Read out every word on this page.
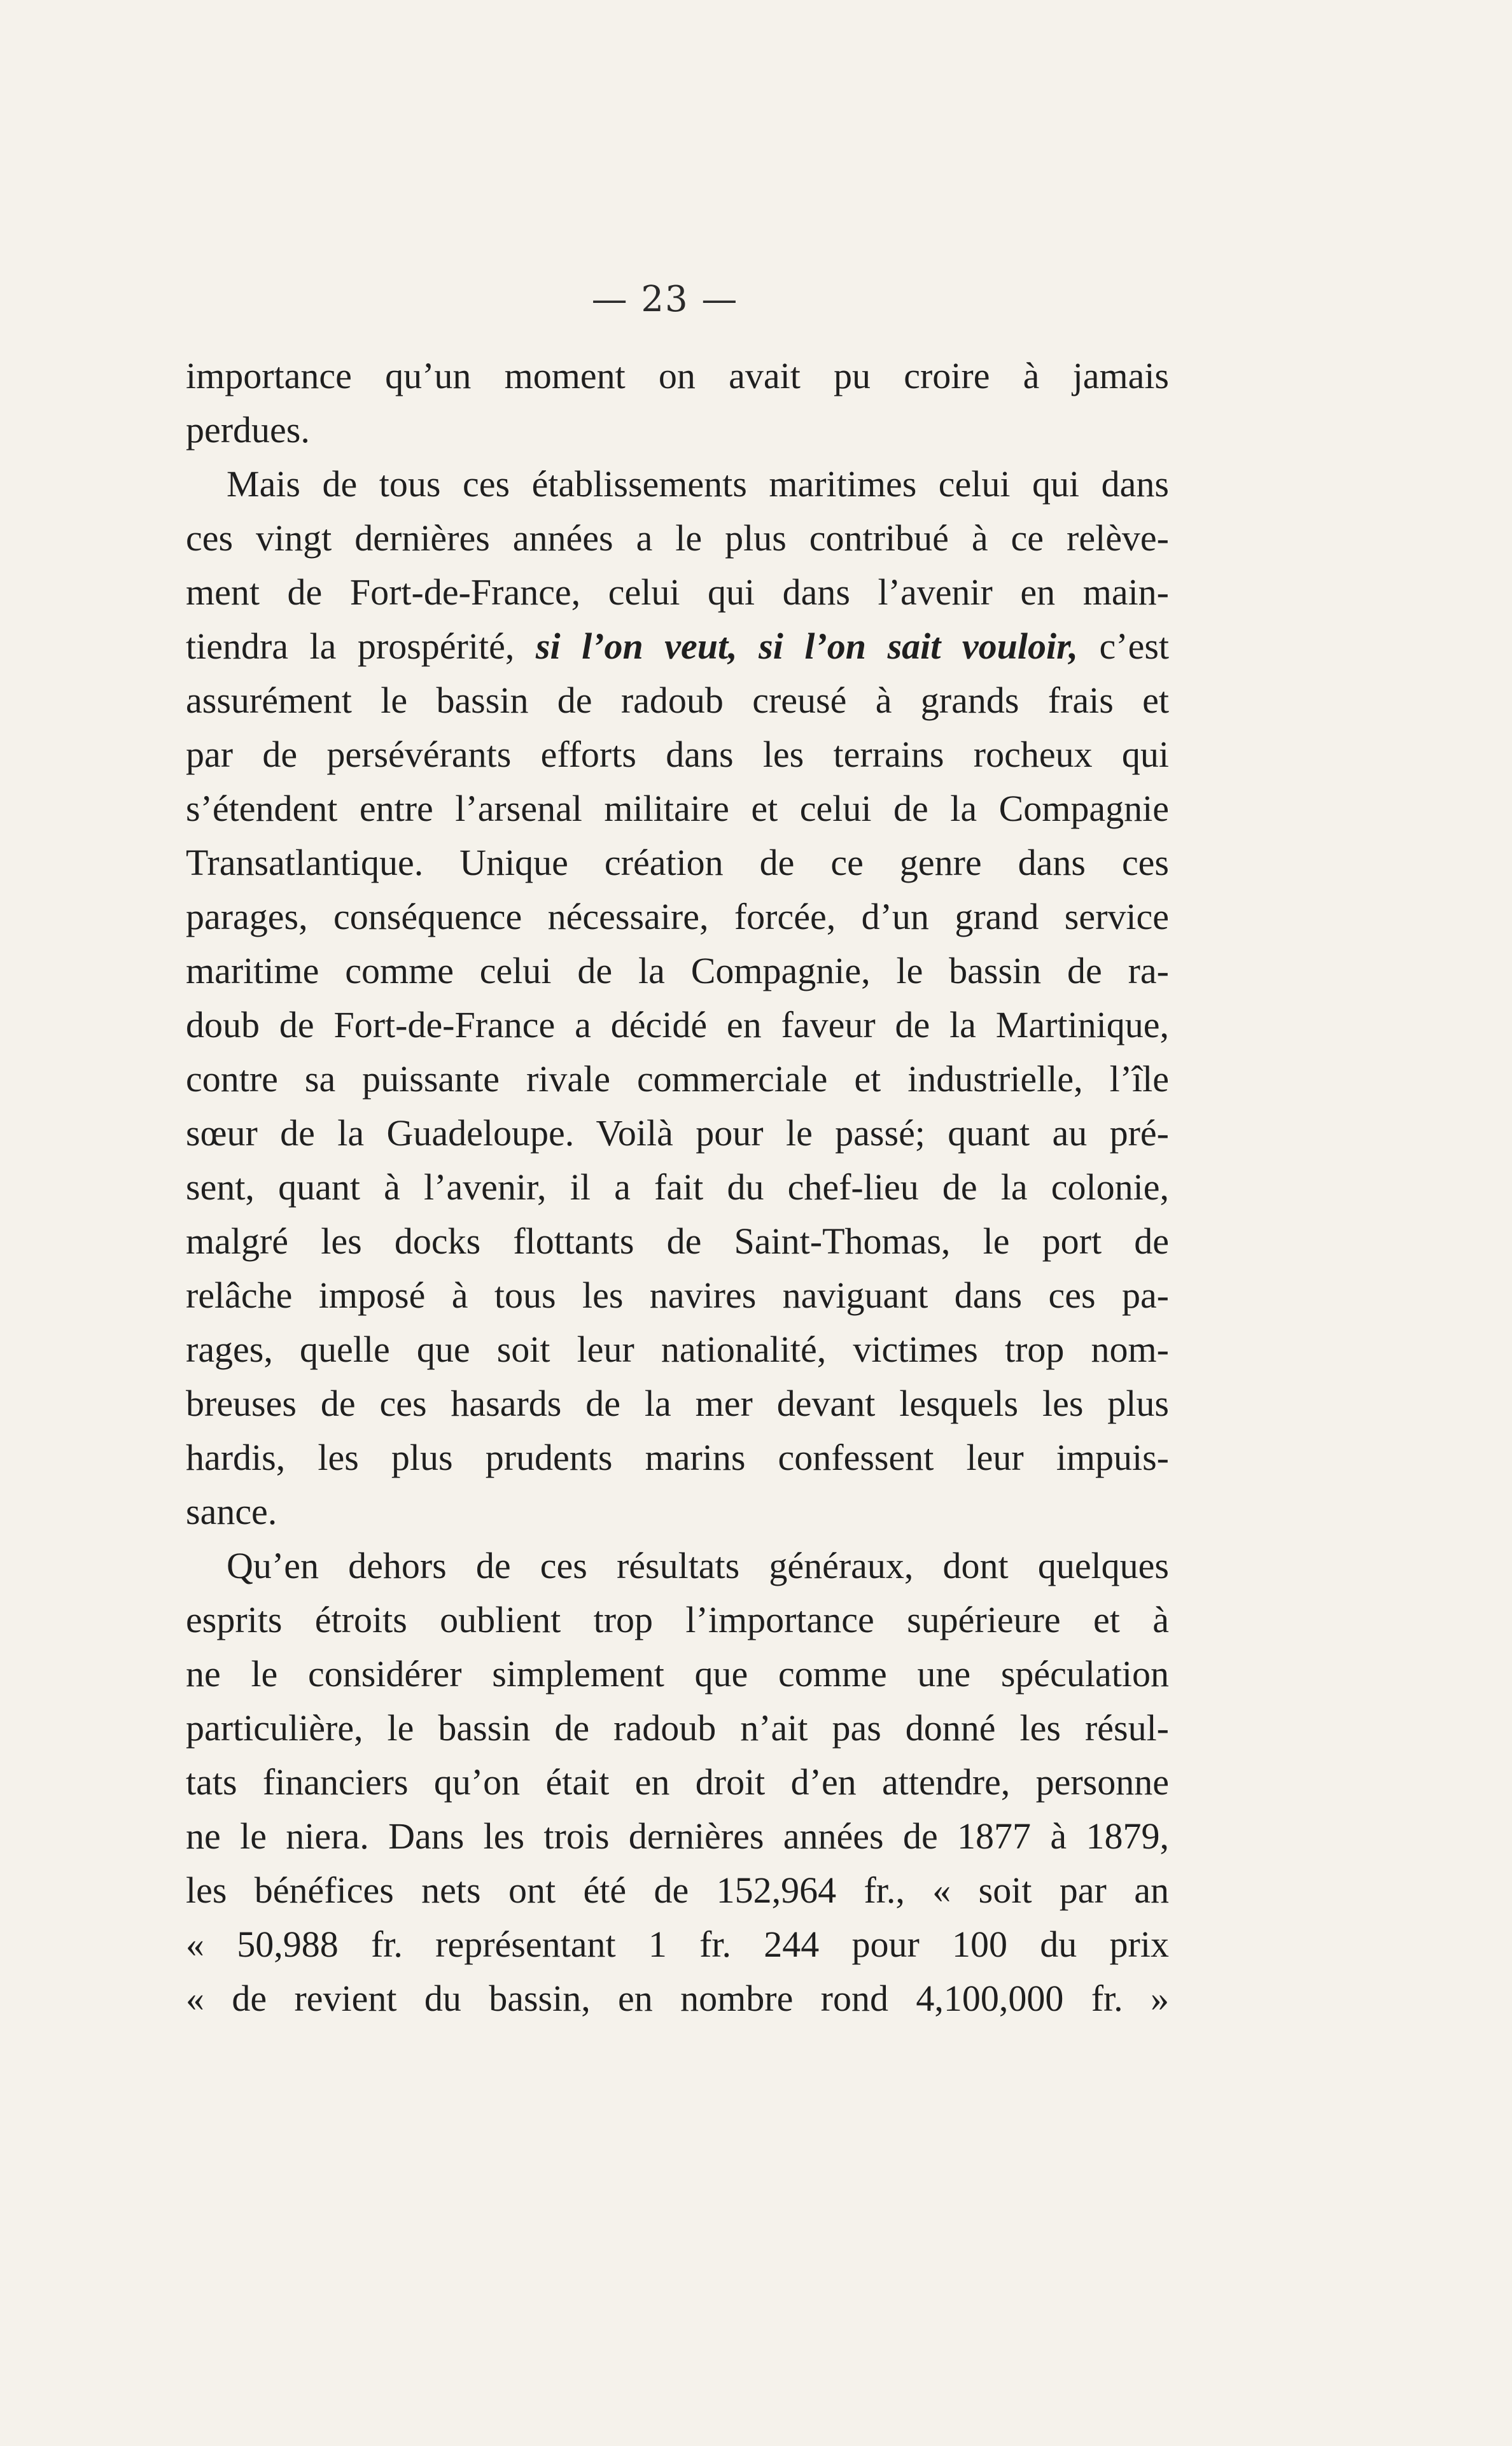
— 23 —
importance qu’un moment on avait pu croire à jamais
perdues.
Mais de tous ces établissements maritimes celui qui dans
ces vingt dernières années a le plus contribué à ce relève-
ment de Fort-de-France, celui qui dans l’avenir en main-
tiendra la prospérité, si l’on veut, si l’on sait vouloir, c’est
assurément le bassin de radoub creusé à grands frais et
par de persévérants efforts dans les terrains rocheux qui
s’étendent entre l’arsenal militaire et celui de la Compagnie
Transatlantique. Unique création de ce genre dans ces
parages, conséquence nécessaire, forcée, d’un grand service
maritime comme celui de la Compagnie, le bassin de ra-
doub de Fort-de-France a décidé en faveur de la Martinique,
contre sa puissante rivale commerciale et industrielle, l’île
sœur de la Guadeloupe. Voilà pour le passé; quant au pré-
sent, quant à l’avenir, il a fait du chef-lieu de la colonie,
malgré les docks flottants de Saint-Thomas, le port de
relâche imposé à tous les navires naviguant dans ces pa-
rages, quelle que soit leur nationalité, victimes trop nom-
breuses de ces hasards de la mer devant lesquels les plus
hardis, les plus prudents marins confessent leur impuis-
sance.
Qu’en dehors de ces résultats généraux, dont quelques
esprits étroits oublient trop l’importance supérieure et à
ne le considérer simplement que comme une spéculation
particulière, le bassin de radoub n’ait pas donné les résul-
tats financiers qu’on était en droit d’en attendre, personne
ne le niera. Dans les trois dernières années de 1877 à 1879,
les bénéfices nets ont été de 152,964 fr., « soit par an
« 50,988 fr. représentant 1 fr. 244 pour 100 du prix
« de revient du bassin, en nombre rond 4,100,000 fr. »
